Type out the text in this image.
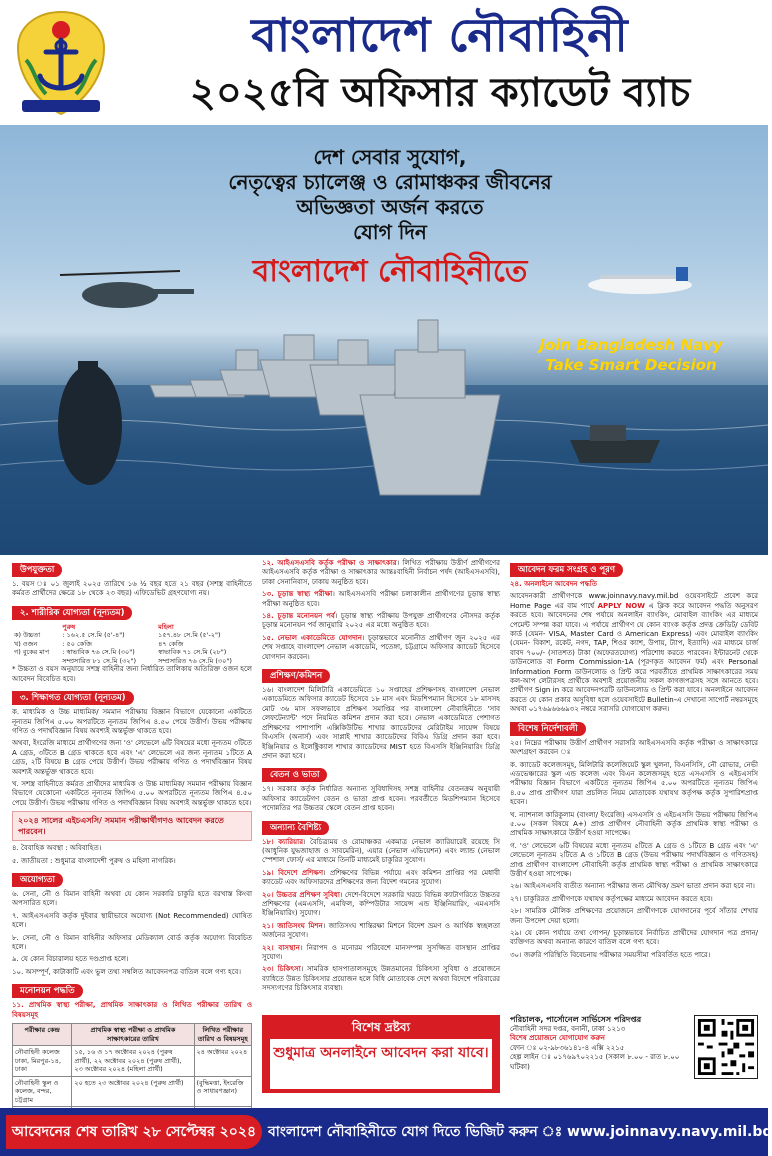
বাংলাদেশ নৌবাহিনী
২০২৫বি অফিসার ক্যাডেট ব্যাচ
দেশ সেবার সুযোগ,
নেতৃত্বের চ্যালেঞ্জ ও রোমাঞ্চকর জীবনের
অভিজ্ঞতা অর্জন করতে
যোগ দিন
বাংলাদেশ নৌবাহিনীতে
Join Bangladesh Navy
Take Smart Decision
উপযুক্ততা
১. বয়স ঃ ০১ জুলাই ২০২৫ তারিখে ১৬ ½ বছর হতে ২১ বছর (সশস্ত্র বাহিনীতে কর্মরত প্রার্থীদের ক্ষেত্রে ১৮ থেকে ২৩ বছর) এফিডেভিট গ্রহণযোগ্য নয়।
২. শারীরিক যোগ্যতা (নূন্যতম)
	পুরুষ	মহিলা
ক) উচ্চতা	: ১৬২.৫ সে.মি (৫'-৪")	১৫৭.৪৮ সে.মি (৫'-২")
খ) ওজন	: ৫০ কেজি	৪৭ কেজি
গ) বুকের মাপ	: স্বাভাবিক ৭৬ সে.মি (৩০")	স্বাভাবিক ৭১ সে.মি (২৮")
	সম্প্রসারিত ৮১ সে.মি (৩২")	সম্প্রসারিত ৭৬ সে.মি (৩০")
* উচ্চতা ও বয়স অনুযায়ে সশস্ত্র বাহিনীর জন্য নির্ধারিত তালিকায় অতিরিক্ত ওজন হলে আবেদন বিবেচিত হবে।
৩. শিক্ষাগত যোগ্যতা (নূন্যতম)
ক. মাধ্যমিক ও উচ্চ মাধ্যমিক/ সমমান পরীক্ষায় বিজ্ঞান বিভাগে যেকোনো একটিতে নূন্যতম জিপিএ ৫.০০ অপরটিতে নূন্যতম জিপিএ ৪.৫০ পেয়ে উত্তীর্ণ। উভয় পরীক্ষায় গণিত ও পদার্থবিজ্ঞান বিষয় অবশ্যই অন্তর্ভুক্ত থাকতে হবে।
অথবা, ইংরেজি মাধ্যমে প্রার্থীগণের জন্য 'ও' লেভেলে ৬টি বিষয়ের মধ্যে নূন্যতম ৩টিতে A গ্রেড, ৩টিতে B গ্রেড থাকতে হবে এবং 'এ' লেভেলে এর জন্য নূন্যতম ১টিতে A গ্রেড, ২টি বিষয়ে B গ্রেড পেয়ে উত্তীর্ণ। উভয় পরীক্ষায় গণিত ও পদার্থবিজ্ঞান বিষয় অবশ্যই অন্তর্ভুক্ত থাকতে হবে।
খ. সশস্ত্র বাহিনীতে কর্মরত প্রার্থীদের মাধ্যমিক ও উচ্চ মাধ্যমিক/ সমমান পরীক্ষায় বিজ্ঞান বিভাগে যেকোনো একটিতে নূন্যতম জিপিএ ৫.০০ অপরটিতে নূন্যতম জিপিএ ৪.৫০ পেয়ে উত্তীর্ণ। উভয় পরীক্ষায় গণিত ও পদার্থবিজ্ঞান বিষয় অবশ্যই অন্তর্ভুক্ত থাকতে হবে।
২০২৪ সালের এইচএসসি/ সমমান পরীক্ষার্থীগণও আবেদন করতে পারবেন।
৪. বৈবাহিক অবস্থা : অবিবাহিত।
৫. জাতীয়তা : শুধুমাত্র বাংলাদেশী পুরুষ ও মহিলা নাগরিক।
অযোগ্যতা
৬. সেনা, নৌ ও বিমান বাহিনী অথবা যে কোন সরকারি চাকুরি হতে বরখাস্ত কিংবা অপসারিত হলে।
৭. আইএসএসবি কর্তৃক দুইবার স্থায়ীভাবে অযোগ্য (Not Recommended) ঘোষিত হলে।
৮. সেনা, নৌ ও বিমান বাহিনীর অফিসার মেডিক্যাল বোর্ড কর্তৃক অযোগ্য বিবেচিত হলে।
৯. যে কোন বিচারালয় হতে দণ্ডপ্রাপ্ত হলে।
১০. অসম্পূর্ণ, কাটাকাটি এবং ভুল তথ্য সম্বলিত আবেদনপত্র বাতিল বলে গণ্য হবে।
মনোনয়ন পদ্ধতি
১১. প্রাথমিক স্বাস্থ্য পরীক্ষা, প্রাথমিক সাক্ষাৎকার ও লিখিত পরীক্ষার তারিখ ও বিষয়সমূহ
পরীক্ষার কেন্দ্র	প্রাথমিক স্বাস্থ্য পরীক্ষা ও প্রাথমিক সাক্ষাৎকারের তারিখ	লিখিত পরীক্ষার তারিখ ও বিষয়সমূহ
নৌবাহিনী কলেজ ঢাকা, মিরপুর-১৪, ঢাকা	১৫, ১৬ ও ১৭ অক্টোবর ২০২৪ (পুরুষ প্রার্থী), ২২ অক্টোবর ২০২৪ (পুরুষ প্রার্থী), ২৩ অক্টোবর ২০২৪ (মহিলা প্রার্থী)	২৪ অক্টোবর ২০২৪
নৌবাহিনী স্কুল ও কলেজ, বন্দর, চট্টগ্রাম	২০ হতে ২৩ অক্টোবর ২০২৪ (পুরুষ প্রার্থী)	(বুদ্ধিমত্তা, ইংরেজি ও সাধারণজ্ঞান)

১২. আইএসএসবি কর্তৃক পরীক্ষা ও সাক্ষাৎকার। লিখিত পরীক্ষায় উত্তীর্ণ প্রার্থীগণের আইএসএসবি কর্তৃক পরীক্ষা ও সাক্ষাৎকার আন্তঃবাহিনী নির্বাচন পর্ষদ (আইএসএসবি), ঢাকা সেনানিবাস, ঢাকায় অনুষ্ঠিত হবে।
১৩. চূড়ান্ত স্বাস্থ্য পরীক্ষা। আইএসএসবি পরীক্ষা চলাকালীন প্রার্থীগণের চূড়ান্ত স্বাস্থ্য পরীক্ষা অনুষ্ঠিত হবে।
১৪. চূড়ান্ত মনোনয়ন পর্ব। চূড়ান্ত স্বাস্থ্য পরীক্ষায় উপযুক্ত প্রার্থীগণের নৌসদর কর্তৃক চূড়ান্ত মনোনয়ন পর্ব জানুয়ারি ২০২৫ এর মধ্যে অনুষ্ঠিত হবে।
১৫. নেভাল একাডেমিতে যোগদান। চূড়ান্তভাবে মনোনীত প্রার্থীগণ জুন ২০২৫ এর শেষ সপ্তাহে বাংলাদেশ নেভাল একাডেমি, পতেঙ্গা, চট্টগ্রামে অফিসার ক্যাডেট হিসেবে যোগদান করবেন।
প্রশিক্ষণ/কমিশন
১৬। বাংলাদেশ মিলিটারি একাডেমিতে ১০ সপ্তাহের প্রশিক্ষণসহ বাংলাদেশ নেভাল একাডেমিতে অফিসার ক্যাডেট হিসেবে ১৮ মাস এবং মিডশিপম্যান হিসেবে ১৮ মাসসহ মোট ৩৬ মাস সফলভাবে প্রশিক্ষণ সমাপ্তির পর বাংলাদেশ নৌবাহিনীতে 'সাব লেফটেন্যান্ট' পদে নিয়মিত কমিশন প্রদান করা হবে। নেভাল একাডেমিতে পেশাগত প্রশিক্ষণের পাশাপাশি এক্সিকিউটিভ শাখার ক্যাডেটদের মেরিটাইম সায়েন্স বিষয়ে বিএসসি (অনার্স) এবং সাপ্লাই শাখার ক্যাডেটদের বিবিএ ডিগ্রি প্রদান করা হবে। ইঞ্জিনিয়ার ও ইলেক্ট্রিক্যাল শাখার ক্যাডেটদের MIST হতে বিএসসি ইঞ্জিনিয়ারিং ডিগ্রি প্রদান করা হবে।
বেতন ও ভাতা
১৭। সরকার কর্তৃক নির্ধারিত অন্যান্য সুবিধাদিসহ সশস্ত্র বাহিনীর বেতনক্রম অনুযায়ী অফিসার ক্যাডেটগণ বেতন ও ভাতা প্রাপ্ত হবেন। পরবর্তীতে মিডশিপম্যান হিসেবে পদোন্নতির পর উচ্চতর স্কেলে বেতন প্রাপ্ত হবেন।
অন্যান্য বৈশিষ্ট্য
১৮। ক্যারিয়ার। বৈচিত্র্যময় ও রোমাঞ্চকর একমাত্র নেভাল ক্যারিয়ারেই রয়েছে সি (আধুনিক যুদ্ধজাহাজ ও সাবমেরিন), এয়ার (নেভাল এভিয়েশন) এবং ল্যান্ড (নেভাল স্পেশাল ফোর্স/ এর মাধ্যমে তিনটি মাধ্যমেই চাকুরির সুযোগ।
১৯। বিদেশে প্রশিক্ষণ। প্রশিক্ষণের বিভিন্ন পর্যায়ে এবং কমিশন প্রাপ্তির পর মেধাবী ক্যাডেট এবং অফিসারদের প্রশিক্ষণের জন্য বিদেশ গমনের সুযোগ।
২০। উচ্চতর প্রশিক্ষণ সুবিধা। দেশে-বিদেশে সরকারি খরচে বিভিন্ন ক্যাটাগরিতে উচ্চতর প্রশিক্ষণের (এমএসসি, এমফিল, কম্পিউটার সায়েন্স এন্ড ইঞ্জিনিয়ারিং, এমএসসি ইঞ্জিনিয়ারিং) সুযোগ।
২১। জাতিসংঘ মিশন। জাতিসংঘ শান্তিরক্ষা মিশনে বিদেশ ভ্রমণ ও আর্থিক স্বচ্ছলতা অর্জনের সুযোগ।
২২। বাসস্থান। নিরাপদ ও মনোরম পরিবেশে মানসম্পন্ন সুসজ্জিত বাসস্থান প্রাপ্তির সুযোগ।
২৩। চিকিৎসা। সামরিক হাসপাতালসমূহে উন্নতমানের চিকিৎসা সুবিধা ও প্রয়োজনে ব্যাধিতে উন্নত চিকিৎসার প্রয়োজন হলে বিধি মোতাবেক দেশে অথবা বিদেশে পরিবারের সদস্যগণের চিকিৎসার ব্যবস্থা।
বিশেষ দ্রষ্টব্য
শুধুমাত্র অনলাইনে আবেদন করা যাবে।
আবেদন ফরম সংগ্রহ ও পূরণ
২৪. অনলাইনে আবেদন পদ্ধতি
আবেদনকারী প্রার্থীগণকে www.joinnavy.navy.mil.bd ওয়েবসাইটে প্রবেশ করে Home Page এর বাম পার্শ্বে APPLY NOW এ ক্লিক করে আবেদন পদ্ধতি অনুসরণ করতে হবে। আবেদনের শেষ পর্যায়ে অনলাইন ব্যাংকিং, মোবাইল ব্যাংকিং এর মাধ্যমে পেমেন্ট সম্পন্ন করা যাবে। এ পর্যায়ে প্রার্থীগণ যে কোন ব্যাংক কর্তৃক প্রদত্ত ক্রেডিট/ ডেবিট কার্ড (যেমন- VISA, Master Card ও American Express) এবং মোবাইল ব্যাংকিং (যেমন- বিকাশ, রকেট, নগদ, TAP, শিওর ক্যাশ, উপায়, ট্যাপ, ইত্যাদি) এর মাধ্যমে চার্জ বাবদ ৭০০/- (সাতশত) টাকা (অফেরতযোগ্য) পরিশোধ করতে পারবেন। ইন্টারনেট থেকে ডাউনলোড বা Form Commission-1A (পূরণকৃত আবেদন ফর্ম) এবং Personal Information Form ডাউনলোড ও প্রিন্ট করে পরবর্তীতে প্রাথমিক সাক্ষাৎকারের সময় কল-আপ লেটারসহ প্রার্থীকে অবশ্যই প্রয়োজনীয় সকল কাগজপত্রসহ সঙ্গে আনতে হবে। প্রার্থীগণ Sign in করে আবেদনপত্রটি ডাউনলোড ও প্রিন্ট করা যাবে। অনলাইনে আবেদন করতে যে কোন প্রকার অসুবিধা হলে ওয়েবসাইটে Bulletin-এ দেখানো সাপোর্ট নম্বরসমূহে অথবা ০১৭৬৯৬৬৬৯৩২ নম্বরে সরাসরি যোগাযোগ করুন।
বিশেষ নির্দেশাবলী
২৫। নিম্নের পরীক্ষায় উত্তীর্ণ প্রার্থীগণ সরাসরি আইএসএসবি কর্তৃক পরীক্ষা ও সাক্ষাৎকারে অংশগ্রহণ করবেন ঃ
ক. ক্যাডেট কলেজসমূহ, মিলিটারি কলেজিয়েট স্কুল খুলনা, বিএনসিসি, নৌ রোভার, নেভী এডভেঞ্চারের স্কুল এন্ড কলেজ এবং বিএন কলেজসমূহ হতে এসএসসি ও এইচএসসি পরীক্ষায় বিজ্ঞান বিভাগে একটিতে নূন্যতম জিপিএ ৫.০০ অপরটিতে নূন্যতম জিপিএ ৪.৫০ প্রাপ্ত প্রার্থীগণ যারা প্রচলিত নিয়ম মোতাবেক যথাযথ কর্তৃপক্ষ কর্তৃক সুপারিশপ্রাপ্ত হবেন।
খ. ন্যাশনাল কারিকুলাম (বাংলা/ ইংরেজি) এসএসসি ও এইচএসসি উভয় পরীক্ষায় জিপিএ ৫.০০ (সকল বিষয়ে A+) প্রাপ্ত প্রার্থীগণ নৌবাহিনী কর্তৃক প্রাথমিক স্বাস্থ্য পরীক্ষা ও প্রাথমিক সাক্ষাৎকারে উত্তীর্ণ হওয়া সাপেক্ষে।
গ. 'ও' লেভেলে ৬টি বিষয়ের মধ্যে নূন্যতম ৫টিতে A গ্রেড ও ১টিতে B গ্রেড এবং 'এ' লেভেলে নূন্যতম ২টিতে A ও ১টিতে B গ্রেড (উভয় পরীক্ষায় পদার্থবিজ্ঞান ও গণিতসহ) প্রাপ্ত প্রার্থীগণ বাংলাদেশ নৌবাহিনী কর্তৃক প্রাথমিক স্বাস্থ্য পরীক্ষা ও প্রাথমিক সাক্ষাৎকারে উত্তীর্ণ হওয়া সাপেক্ষে।
২৬। আইএসএসবি ব্যতীত অন্যান্য পরীক্ষার জন্য মৌখিক/ ভ্রমণ ভাতা প্রদান করা হবে না।
২৭। চাকুরিরত প্রার্থীগণকে যথাযথ কর্তৃপক্ষের মাধ্যমে আবেদন করতে হবে।
২৮। সামরিক মৌলিক প্রশিক্ষণের প্রয়োজনে প্রার্থীগণকে যোগদানের পূর্বে সাঁতার শেখার জন্য উপদেশ দেয়া হলো।
২৯। যে কোন পর্যায়ে তথ্য গোপন/ চূড়ান্তভাবে নির্বাচিত প্রার্থীদের যোগদান পত্র প্রদান/ ব্যক্তিগত অথবা অন্যান্য কারণে বাতিল বলে গণ্য হবে।
৩০। জরুরি পরিস্থিতি বিবেচনায় পরীক্ষার সময়সীমা পরিবর্তিত হতে পারে।
পরিচালক, পার্সোনেল সার্ভিসেস পরিদপ্তর
নৌবাহিনী সদর দপ্তর, বনানী, ঢাকা ১২১৩
বিশেষ প্রয়োজনে যোগাযোগ করুন
ফোন ঃ ০২-৯৮৩৬১৪১-৪ এক্সি ২২১৫
হেল্প লাইন ঃ ০১৭৬৯৭০২২১৫ (সকাল ৮.০০ - রাত ৮.০০ ঘটিকা)
আবেদনের শেষ তারিখ ২৮ সেপ্টেম্বর ২০২৪ বাংলাদেশ নৌবাহিনীতে যোগ দিতে ভিজিট করুন ঃ www.joinnavy.navy.mil.bd
